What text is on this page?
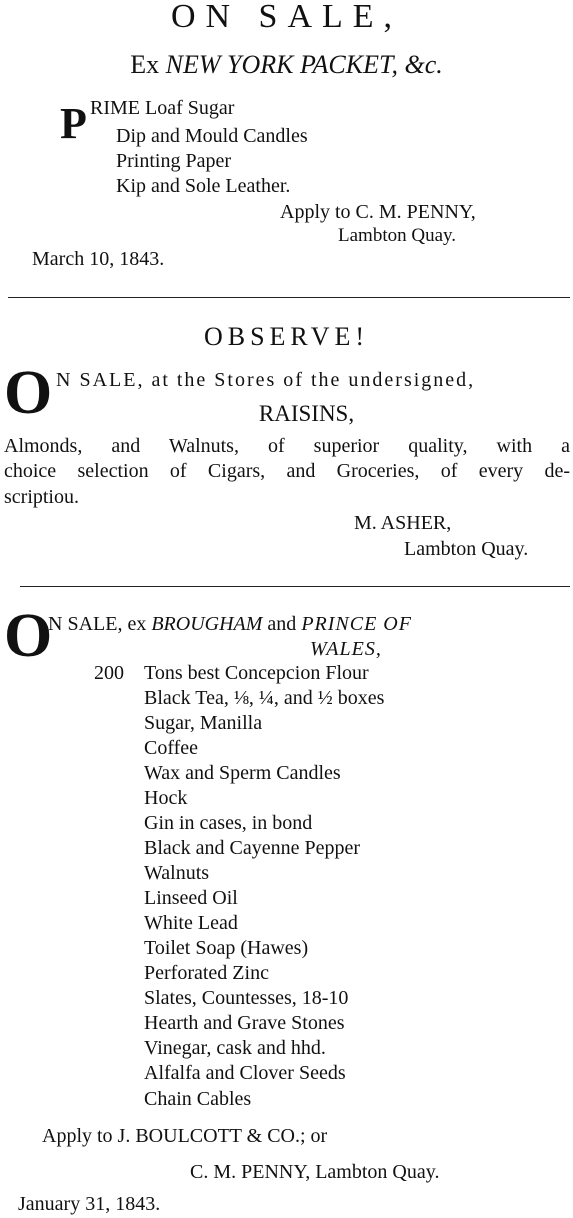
ON SALE,
Ex NEW YORK PACKET, &c.
P RIME Loaf Sugar
Dip and Mould Candles
Printing Paper
Kip and Sole Leather.
Apply to C. M. PENNY,
Lambton Quay.
March 10, 1843.
OBSERVE!
O N SALE, at the Stores of the undersigned,
RAISINS,
Almonds, and Walnuts, of superior quality, with a
choice selection of Cigars, and Groceries, of every de-
scriptiou.
M. ASHER,
Lambton Quay.
O
N SALE, ex BROUGHAM and PRINCE OF
WALES,
200 Tons best Concepcion Flour
Black Tea, ⅛, ¼, and ½ boxes
Sugar, Manilla
Coffee
Wax and Sperm Candles
Hock
Gin in cases, in bond
Black and Cayenne Pepper
Walnuts
Linseed Oil
White Lead
Toilet Soap (Hawes)
Perforated Zinc
Slates, Countesses, 18-10
Hearth and Grave Stones
Vinegar, cask and hhd.
Alfalfa and Clover Seeds
Chain Cables
Apply to J. BOULCOTT & CO.; or
C. M. PENNY, Lambton Quay.
January 31, 1843.
